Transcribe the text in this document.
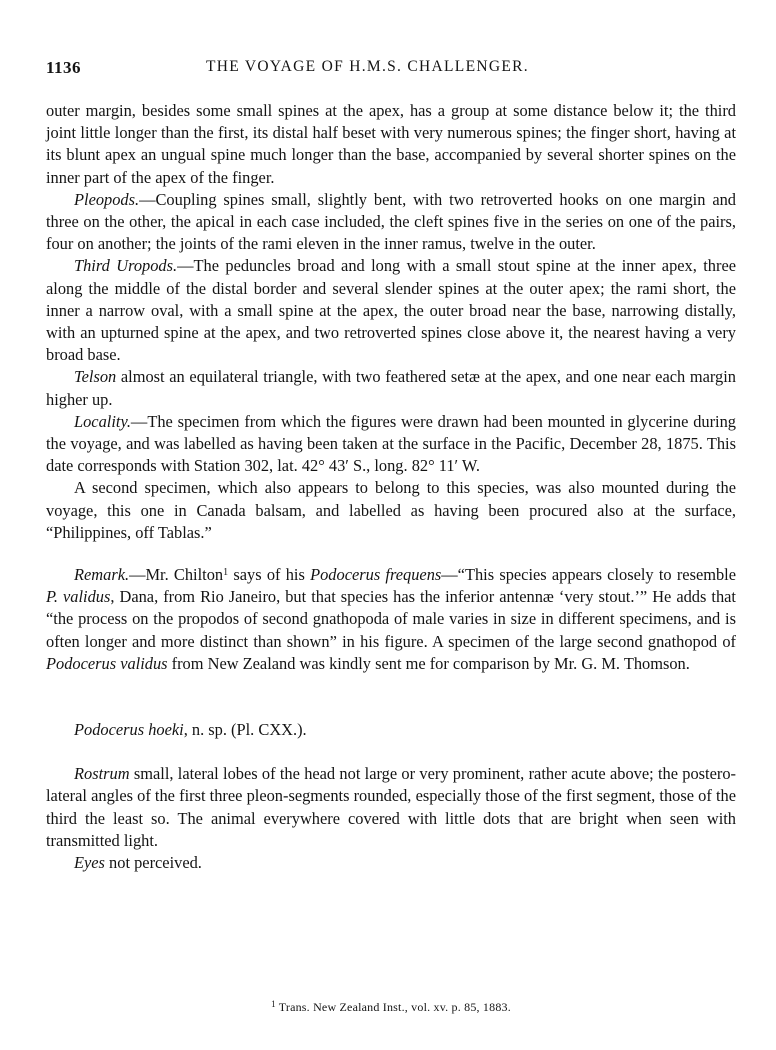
1136	THE VOYAGE OF H.M.S. CHALLENGER.

outer margin, besides some small spines at the apex, has a group at some distance below it; the third joint little longer than the first, its distal half beset with very numerous spines; the finger short, having at its blunt apex an ungual spine much longer than the base, accompanied by several shorter spines on the inner part of the apex of the finger.

Pleopods.—Coupling spines small, slightly bent, with two retroverted hooks on one margin and three on the other, the apical in each case included, the cleft spines five in the series on one of the pairs, four on another; the joints of the rami eleven in the inner ramus, twelve in the outer.

Third Uropods.—The peduncles broad and long with a small stout spine at the inner apex, three along the middle of the distal border and several slender spines at the outer apex; the rami short, the inner a narrow oval, with a small spine at the apex, the outer broad near the base, narrowing distally, with an upturned spine at the apex, and two retroverted spines close above it, the nearest having a very broad base.

Telson almost an equilateral triangle, with two feathered setæ at the apex, and one near each margin higher up.

Locality.—The specimen from which the figures were drawn had been mounted in glycerine during the voyage, and was labelled as having been taken at the surface in the Pacific, December 28, 1875. This date corresponds with Station 302, lat. 42° 43′ S., long. 82° 11′ W.

A second specimen, which also appears to belong to this species, was also mounted during the voyage, this one in Canada balsam, and labelled as having been procured also at the surface, “Philippines, off Tablas.”

Remark.—Mr. Chilton$^1$ says of his Podocerus frequens—“This species appears closely to resemble P. validus, Dana, from Rio Janeiro, but that species has the inferior antennæ ‘very stout.’” He adds that “the process on the propodos of second gnathopoda of male varies in size in different specimens, and is often longer and more distinct than shown” in his figure. A specimen of the large second gnathopod of Podocerus validus from New Zealand was kindly sent me for comparison by Mr. G. M. Thomson.

Podocerus hoeki, n. sp. (Pl. CXX.).

Rostrum small, lateral lobes of the head not large or very prominent, rather acute above; the postero-lateral angles of the first three pleon-segments rounded, especially those of the first segment, those of the third the least so. The animal everywhere covered with little dots that are bright when seen with transmitted light.

Eyes not perceived.

$^1$ Trans. New Zealand Inst., vol. xv. p. 85, 1883.
